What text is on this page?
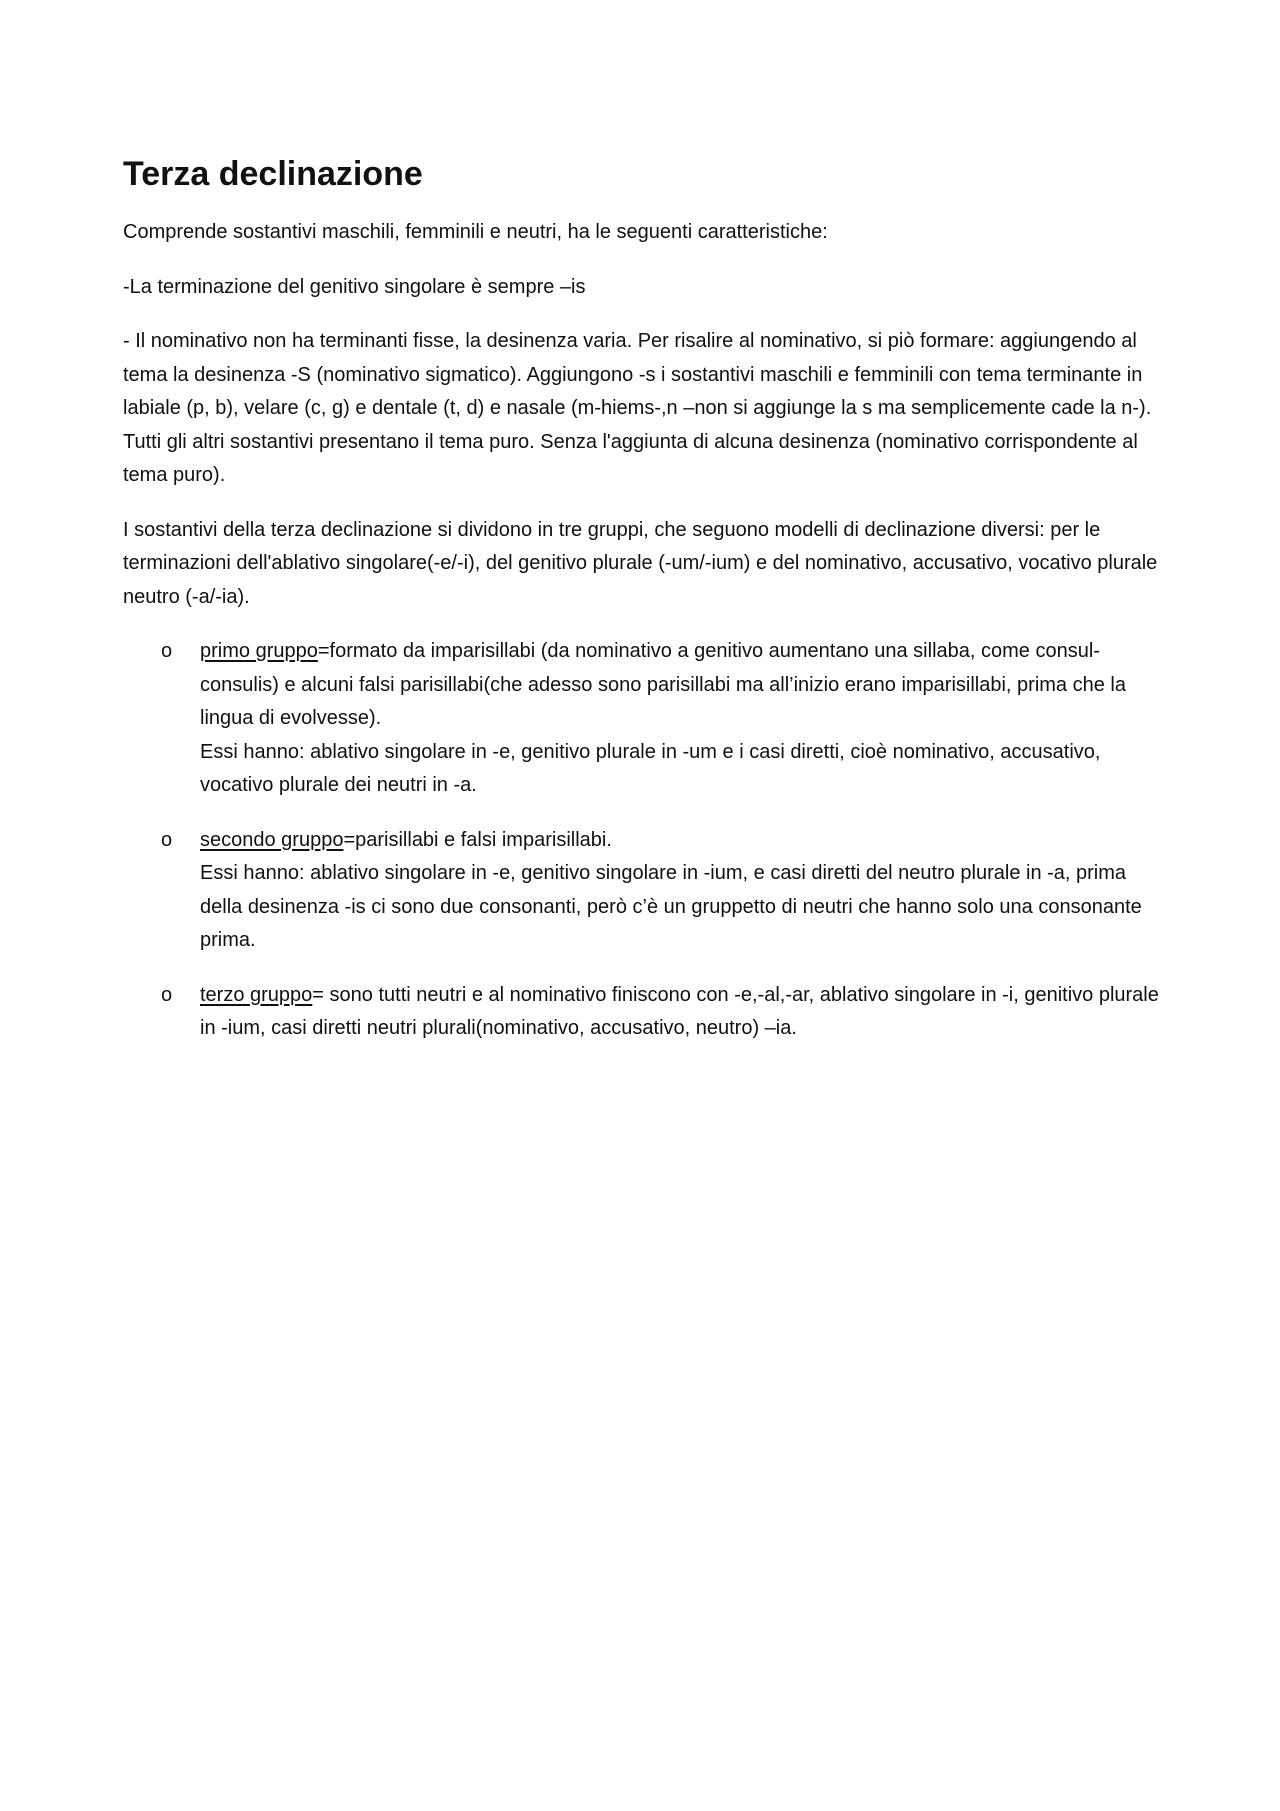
Terza declinazione

Comprende sostantivi maschili, femminili e neutri, ha le seguenti caratteristiche:

-La terminazione del genitivo singolare è sempre –is

- Il nominativo non ha terminanti fisse, la desinenza varia. Per risalire al nominativo, si piò formare: aggiungendo al tema la desinenza -S (nominativo sigmatico). Aggiungono -s i sostantivi maschili e femminili con tema terminante in labiale (p, b), velare (c, g) e dentale (t, d) e nasale (m-hiems-,n –non si aggiunge la s ma semplicemente cade la n-). Tutti gli altri sostantivi presentano il tema puro. Senza l'aggiunta di alcuna desinenza (nominativo corrispondente al tema puro).

I sostantivi della terza declinazione si dividono in tre gruppi, che seguono modelli di declinazione diversi: per le terminazioni dell'ablativo singolare(-e/-i), del genitivo plurale (-um/-ium) e del nominativo, accusativo, vocativo plurale neutro (-a/-ia).

o primo gruppo=formato da imparisillabi (da nominativo a genitivo aumentano una sillaba, come consul-consulis) e alcuni falsi parisillabi(che adesso sono parisillabi ma all’inizio erano imparisillabi, prima che la lingua di evolvesse).
Essi hanno: ablativo singolare in -e, genitivo plurale in -um e i casi diretti, cioè nominativo, accusativo, vocativo plurale dei neutri in -a.
o secondo gruppo=parisillabi e falsi imparisillabi.
Essi hanno: ablativo singolare in -e, genitivo singolare in -ium, e casi diretti del neutro plurale in -a, prima della desinenza -is ci sono due consonanti, però c’è un gruppetto di neutri che hanno solo una consonante prima.
o terzo gruppo= sono tutti neutri e al nominativo finiscono con -e,-al,-ar, ablativo singolare in -i, genitivo plurale in -ium, casi diretti neutri plurali(nominativo, accusativo, neutro) –ia.
